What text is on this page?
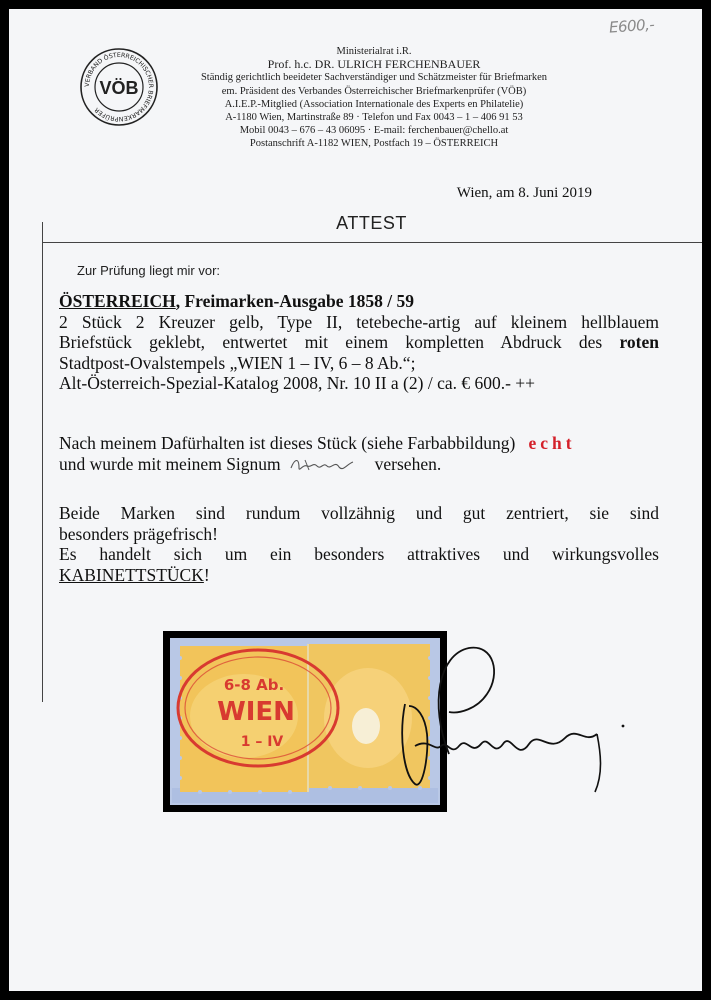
E600,-
VERBAND ÖSTERREICHISCHER BRIEFMARKENPRÜFER
VÖB
Ministerialrat i.R.
Prof. h.c. DR. ULRICH FERCHENBAUER
Ständig gerichtlich beeideter Sachverständiger und Schätzmeister für Briefmarken
em. Präsident des Verbandes Österreichischer Briefmarkenprüfer (VÖB)
A.I.E.P.-Mitglied (Association Internationale des Experts en Philatelie)
A-1180 Wien, Martinstraße 89 · Telefon und Fax 0043 – 1 – 406 91 53
Mobil 0043 – 676 – 43 06095 · E-mail: ferchenbauer@chello.at
Postanschrift A-1182 WIEN, Postfach 19 – ÖSTERREICH
Wien, am 8. Juni 2019
ATTEST
Zur Prüfung liegt mir vor:

ÖSTERREICH, Freimarken-Ausgabe 1858 / 59

2 Stück 2 Kreuzer gelb, Type II, tetebeche-artig auf kleinem hellblauem

Briefstück geklebt, entwertet mit einem kompletten Abdruck des roten

Stadtpost-Ovalstempels „WIEN 1 – IV, 6 – 8 Ab.“;

Alt-Österreich-Spezial-Katalog 2008, Nr. 10 II a (2) / ca. € 600.- ++

Nach meinem Dafürhalten ist dieses Stück (siehe Farbabbildung) echt

und wurde mit meinem Signum	versehen.

Beide Marken sind rundum vollzähnig und gut zentriert, sie sind

besonders prägefrisch!

Es handelt sich um ein besonders attraktives und wirkungsvolles

KABINETTSTÜCK!

6-8 Ab.
WIEN
1 – IV
